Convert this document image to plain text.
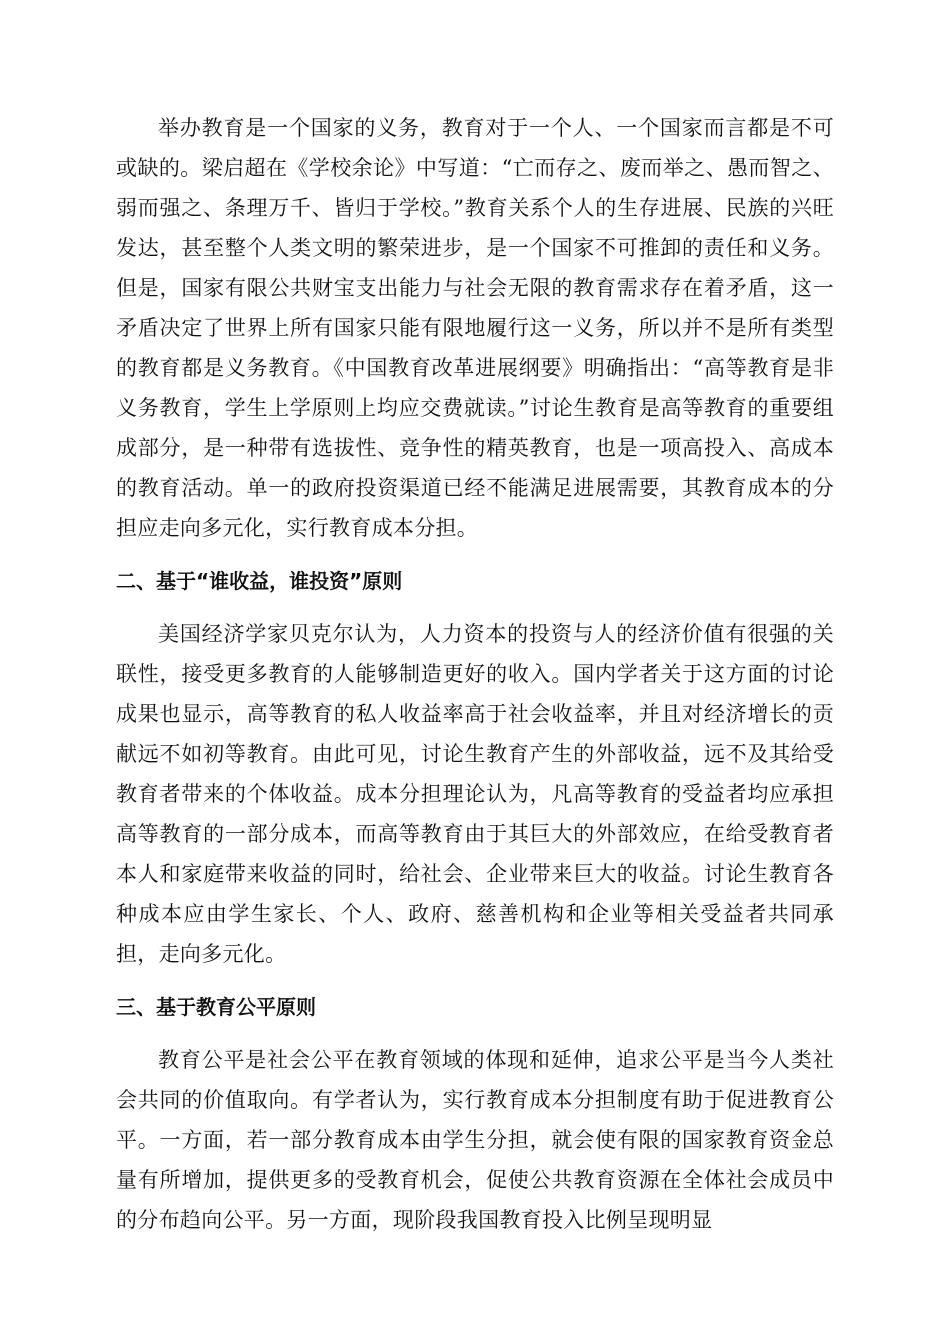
举办教育是一个国家的义务，教育对于一个人、一个国家而言都是不可或缺的。梁启超在《学校余论》中写道：“亡而存之、废而举之、愚而智之、弱而强之、条理万千、皆归于学校。”教育关系个人的生存进展、民族的兴旺发达，甚至整个人类文明的繁荣进步，是一个国家不可推卸的责任和义务。但是，国家有限公共财宝支出能力与社会无限的教育需求存在着矛盾，这一矛盾决定了世界上所有国家只能有限地履行这一义务，所以并不是所有类型的教育都是义务教育。《中国教育改革进展纲要》明确指出：“高等教育是非义务教育，学生上学原则上均应交费就读。”讨论生教育是高等教育的重要组成部分，是一种带有选拔性、竞争性的精英教育，也是一项高投入、高成本的教育活动。单一的政府投资渠道已经不能满足进展需要，其教育成本的分担应走向多元化，实行教育成本分担。

二、基于“谁收益，谁投资”原则

美国经济学家贝克尔认为，人力资本的投资与人的经济价值有很强的关联性，接受更多教育的人能够制造更好的收入。国内学者关于这方面的讨论成果也显示，高等教育的私人收益率高于社会收益率，并且对经济增长的贡献远不如初等教育。由此可见，讨论生教育产生的外部收益，远不及其给受教育者带来的个体收益。成本分担理论认为，凡高等教育的受益者均应承担高等教育的一部分成本，而高等教育由于其巨大的外部效应，在给受教育者本人和家庭带来收益的同时，给社会、企业带来巨大的收益。讨论生教育各种成本应由学生家长、个人、政府、慈善机构和企业等相关受益者共同承担，走向多元化。

三、基于教育公平原则

教育公平是社会公平在教育领域的体现和延伸，追求公平是当今人类社会共同的价值取向。有学者认为，实行教育成本分担制度有助于促进教育公平。一方面，若一部分教育成本由学生分担，就会使有限的国家教育资金总量有所增加，提供更多的受教育机会，促使公共教育资源在全体社会成员中的分布趋向公平。另一方面，现阶段我国教育投入比例呈现明显
